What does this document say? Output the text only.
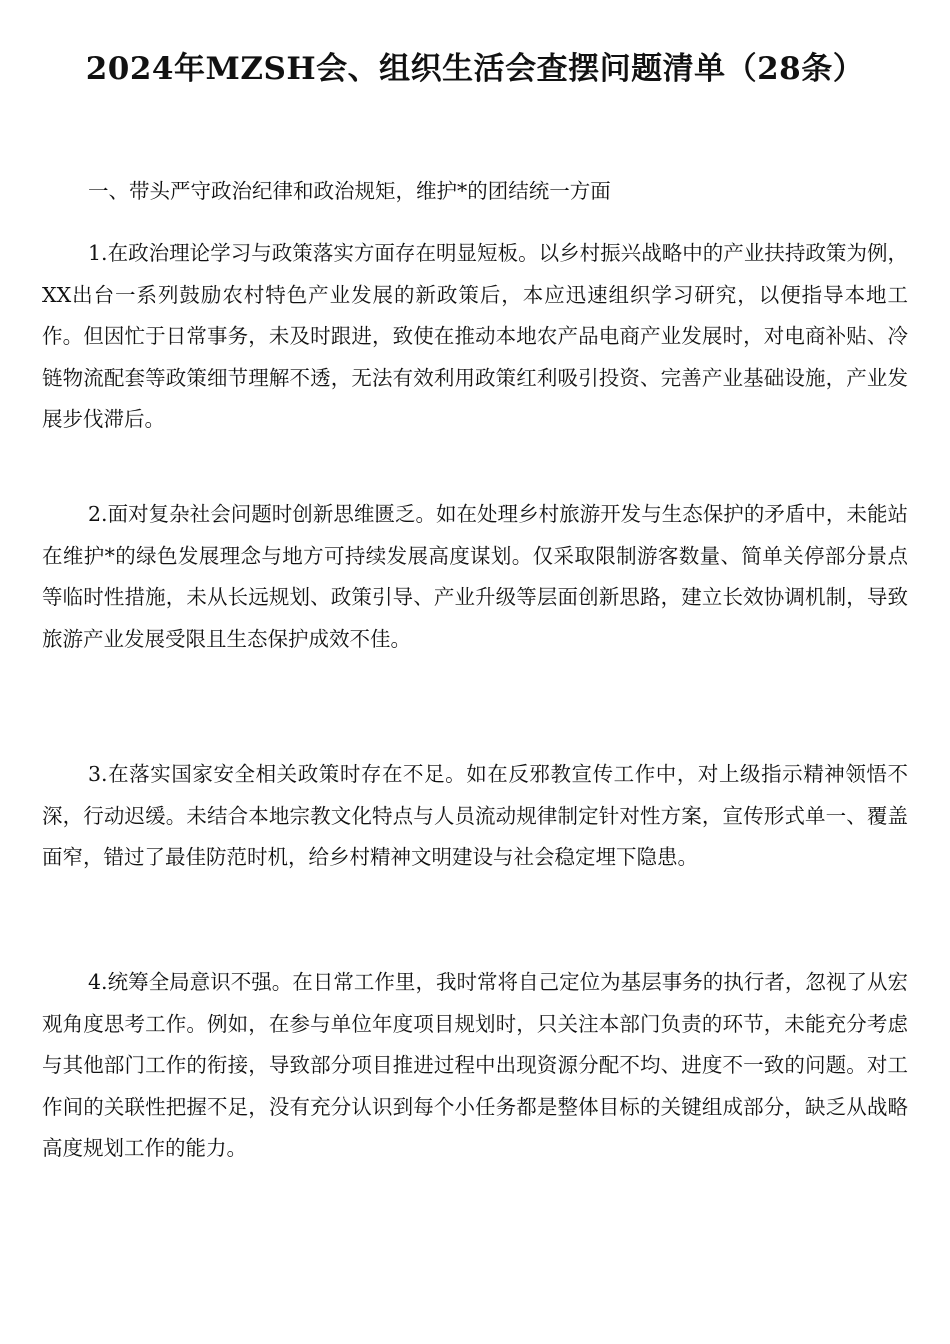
2024年MZSH会、组织生活会查摆问题清单（28条）

一、带头严守政治纪律和政治规矩，维护*的团结统一方面

1.在政治理论学习与政策落实方面存在明显短板。以乡村振兴战略中的产业扶持政策为例，XX出台一系列鼓励农村特色产业发展的新政策后，本应迅速组织学习研究，以便指导本地工作。但因忙于日常事务，未及时跟进，致使在推动本地农产品电商产业发展时，对电商补贴、冷链物流配套等政策细节理解不透，无法有效利用政策红利吸引投资、完善产业基础设施，产业发展步伐滞后。

2.面对复杂社会问题时创新思维匮乏。如在处理乡村旅游开发与生态保护的矛盾中，未能站在维护*的绿色发展理念与地方可持续发展高度谋划。仅采取限制游客数量、简单关停部分景点等临时性措施，未从长远规划、政策引导、产业升级等层面创新思路，建立长效协调机制，导致旅游产业发展受限且生态保护成效不佳。

3.在落实国家安全相关政策时存在不足。如在反邪教宣传工作中，对上级指示精神领悟不深，行动迟缓。未结合本地宗教文化特点与人员流动规律制定针对性方案，宣传形式单一、覆盖面窄，错过了最佳防范时机，给乡村精神文明建设与社会稳定埋下隐患。

4.统筹全局意识不强。在日常工作里，我时常将自己定位为基层事务的执行者，忽视了从宏观角度思考工作。例如，在参与单位年度项目规划时，只关注本部门负责的环节，未能充分考虑与其他部门工作的衔接，导致部分项目推进过程中出现资源分配不均、进度不一致的问题。对工作间的关联性把握不足，没有充分认识到每个小任务都是整体目标的关键组成部分，缺乏从战略高度规划工作的能力。
